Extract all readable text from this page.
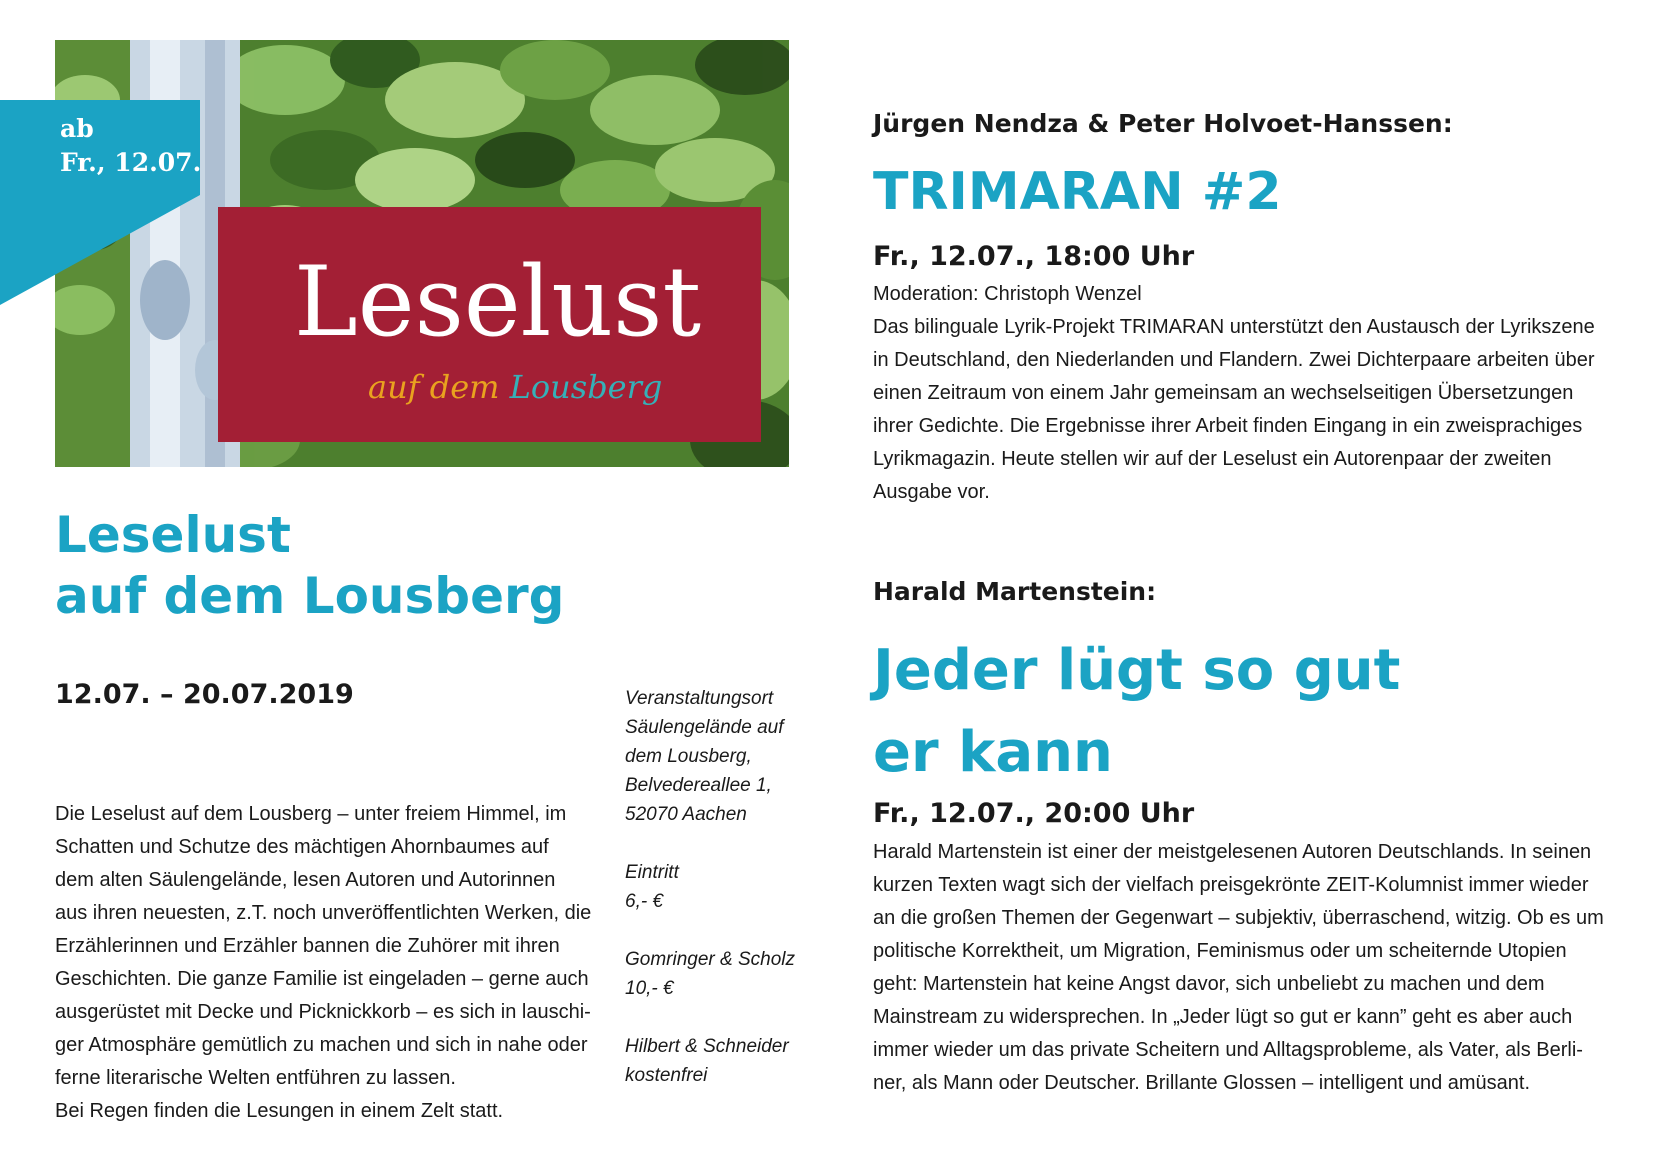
ab
Fr., 12.07.
Leselust
auf dem Lousberg
Leselust
auf dem Lousberg
12.07. – 20.07.2019

Die Leselust auf dem Lousberg – unter freiem Himmel, im

Schatten und Schutze des mächtigen Ahornbaumes auf

dem alten Säulengelände, lesen Autoren und Autorinnen

aus ihren neuesten, z.T. noch unveröffentlichten Werken, die

Erzählerinnen und Erzähler bannen die Zuhörer mit ihren

Geschichten. Die ganze Familie ist eingeladen – gerne auch

ausgerüstet mit Decke und Picknickkorb – es sich in lauschi-

ger Atmosphäre gemütlich zu machen und sich in nahe oder

ferne literarische Welten entführen zu lassen.

Bei Regen finden die Lesungen in einem Zelt statt.

Veranstaltungsort
Säulengelände auf
dem Lousberg,
Belvedereallee 1,
52070 Aachen
Eintritt
6,- €
Gomringer & Scholz
10,- €
Hilbert & Schneider
kostenfrei
Jürgen Nendza & Peter Holvoet-Hanssen:
TRIMARAN #2
Fr., 12.07., 18:00 Uhr
Moderation: Christoph Wenzel
Das bilinguale Lyrik-Projekt TRIMARAN unterstützt den Austausch der Lyrikszene
in Deutschland, den Niederlanden und Flandern. Zwei Dichterpaare arbeiten über
einen Zeitraum von einem Jahr gemeinsam an wechselseitigen Übersetzungen
ihrer Gedichte. Die Ergebnisse ihrer Arbeit finden Eingang in ein zweisprachiges
Lyrikmagazin. Heute stellen wir auf der Leselust ein Autorenpaar der zweiten
Ausgabe vor.
Harald Martenstein:
Jeder lügt so gut
er kann
Fr., 12.07., 20:00 Uhr
Harald Martenstein ist einer der meistgelesenen Autoren Deutschlands. In seinen
kurzen Texten wagt sich der vielfach preisgekrönte ZEIT-Kolumnist immer wieder
an die großen Themen der Gegenwart – subjektiv, überraschend, witzig. Ob es um
politische Korrektheit, um Migration, Feminismus oder um scheiternde Utopien
geht: Martenstein hat keine Angst davor, sich unbeliebt zu machen und dem
Mainstream zu widersprechen. In „Jeder lügt so gut er kann” geht es aber auch
immer wieder um das private Scheitern und Alltagsprobleme, als Vater, als Berli-
ner, als Mann oder Deutscher. Brillante Glossen – intelligent und amüsant.
